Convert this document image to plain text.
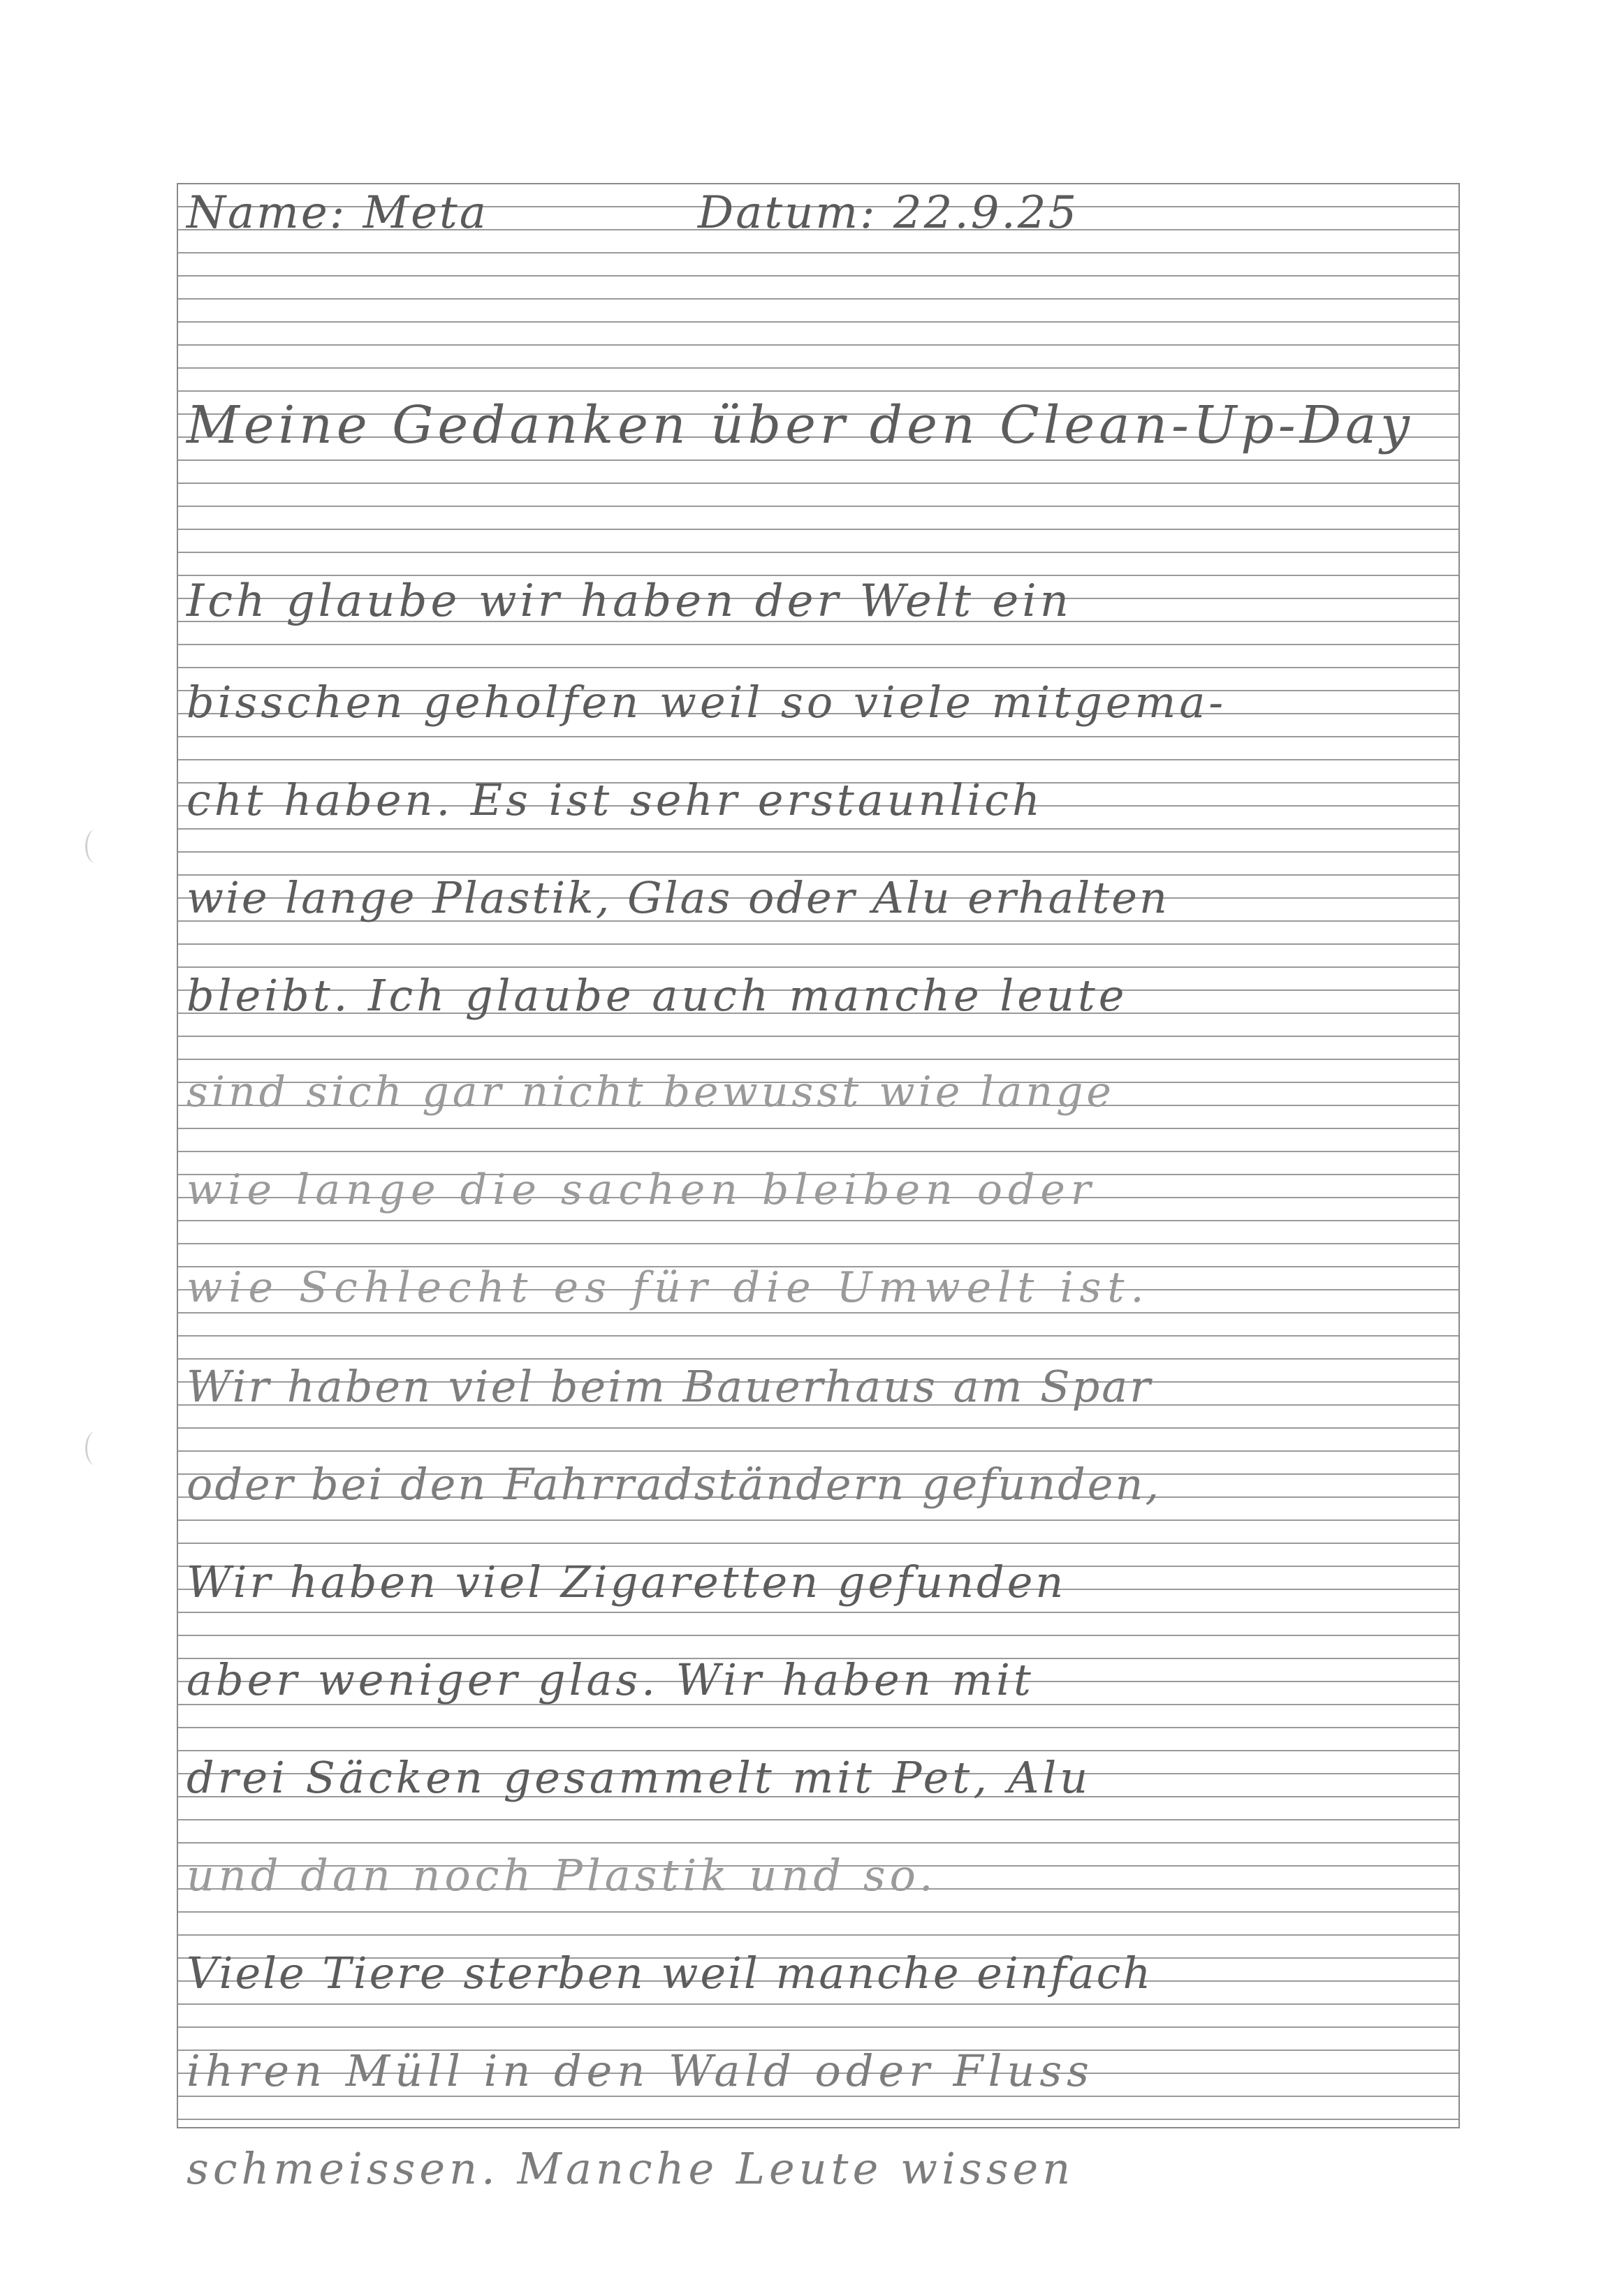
Name: Meta	Datum: 22.9.25
Meine Gedanken über den Clean-Up-Day
Ich glaube wir haben der Welt ein
bisschen geholfen weil so viele mitgema-
cht haben. Es ist sehr erstaunlich
wie lange Plastik, Glas oder Alu erhalten
bleibt. Ich glaube auch manche leute
sind sich gar nicht bewusst wie lange
wie lange die sachen bleiben oder
wie Schlecht es für die Umwelt ist.
Wir haben viel beim Bauerhaus am Spar
oder bei den Fahrradständern gefunden,
Wir haben viel Zigaretten gefunden
aber weniger glas. Wir haben mit
drei Säcken gesammelt mit Pet, Alu
und dan noch Plastik und so.
Viele Tiere sterben weil manche einfach
ihren Müll in den Wald oder Fluss
schmeissen. Manche Leute wissen
